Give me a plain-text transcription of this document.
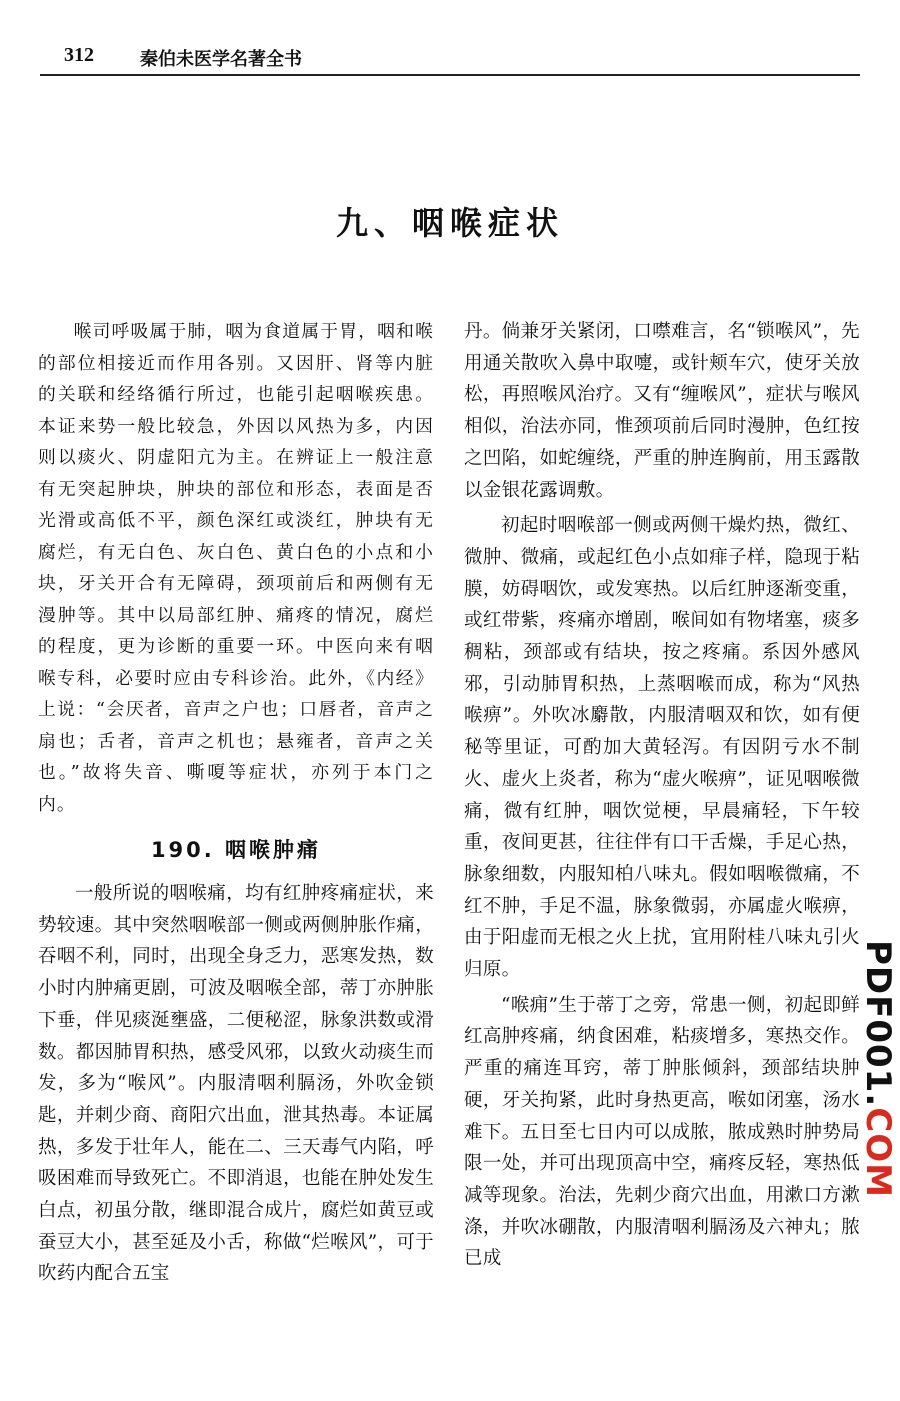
312	秦伯未医学名著全书
九、咽喉症状

喉司呼吸属于肺，咽为食道属于胃，咽和喉的部位相接近而作用各别。又因肝、肾等内脏的关联和经络循行所过，也能引起咽喉疾患。本证来势一般比较急，外因以风热为多，内因则以痰火、阴虚阳亢为主。在辨证上一般注意有无突起肿块，肿块的部位和形态，表面是否光滑或高低不平，颜色深红或淡红，肿块有无腐烂，有无白色、灰白色、黄白色的小点和小块，牙关开合有无障碍，颈项前后和两侧有无漫肿等。其中以局部红肿、痛疼的情况，腐烂的程度，更为诊断的重要一环。中医向来有咽喉专科，必要时应由专科诊治。此外，《内经》上说：“会厌者，音声之户也；口唇者，音声之扇也；舌者，音声之机也；悬雍者，音声之关也。”故将失音、嘶嗄等症状，亦列于本门之内。

190. 咽喉肿痛

一般所说的咽喉痛，均有红肿疼痛症状，来势较速。其中突然咽喉部一侧或两侧肿胀作痛，吞咽不利，同时，出现全身乏力，恶寒发热，数小时内肿痛更剧，可波及咽喉全部，蒂丁亦肿胀下垂，伴见痰涎壅盛，二便秘涩，脉象洪数或滑数。都因肺胃积热，感受风邪，以致火动痰生而发，多为“喉风”。内服清咽利膈汤，外吹金锁匙，并刺少商、商阳穴出血，泄其热毒。本证属热，多发于壮年人，能在二、三天毒气内陷，呼吸困难而导致死亡。不即消退，也能在肿处发生白点，初虽分散，继即混合成片，腐烂如黄豆或蚕豆大小，甚至延及小舌，称做“烂喉风”，可于吹药内配合五宝

丹。倘兼牙关紧闭，口噤难言，名“锁喉风”，先用通关散吹入鼻中取嚏，或针颊车穴，使牙关放松，再照喉风治疗。又有“缠喉风”，症状与喉风相似，治法亦同，惟颈项前后同时漫肿，色红按之凹陷，如蛇缠绕，严重的肿连胸前，用玉露散以金银花露调敷。

初起时咽喉部一侧或两侧干燥灼热，微红、微肿、微痛，或起红色小点如痱子样，隐现于粘膜，妨碍咽饮，或发寒热。以后红肿逐渐变重，或红带紫，疼痛亦增剧，喉间如有物堵塞，痰多稠粘，颈部或有结块，按之疼痛。系因外感风邪，引动肺胃积热，上蒸咽喉而成，称为“风热喉痹”。外吹冰麝散，内服清咽双和饮，如有便秘等里证，可酌加大黄轻泻。有因阴亏水不制火、虚火上炎者，称为“虚火喉痹”，证见咽喉微痛，微有红肿，咽饮觉梗，早晨痛轻，下午较重，夜间更甚，往往伴有口干舌燥，手足心热，脉象细数，内服知柏八味丸。假如咽喉微痛，不红不肿，手足不温，脉象微弱，亦属虚火喉痹，由于阳虚而无根之火上扰，宜用附桂八味丸引火归原。

“喉痈”生于蒂丁之旁，常患一侧，初起即鲜红高肿疼痛，纳食困难，粘痰增多，寒热交作。严重的痛连耳窍，蒂丁肿胀倾斜，颈部结块肿硬，牙关拘紧，此时身热更高，喉如闭塞，汤水难下。五日至七日内可以成脓，脓成熟时肿势局限一处，并可出现顶高中空，痛疼反轻，寒热低减等现象。治法，先刺少商穴出血，用漱口方漱涤，并吹冰硼散，内服清咽利膈汤及六神丸；脓已成

PDF001.COM
